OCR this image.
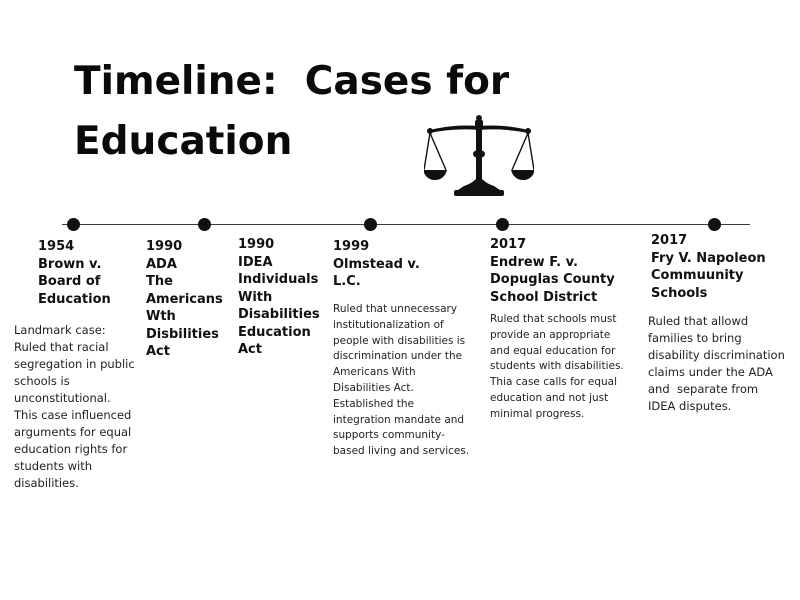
Timeline:  Cases for
Education

1954
Brown v.
Board of
Education

Landmark case:
Ruled that racial
segregation in public
schools is
unconstitutional.
This case influenced
arguments for equal
education rights for
students with
disabilities.

1990
ADA
The
Americans
Wth
Disbilities
Act

1990
IDEA
Individuals
With
Disabilities
Education
Act

1999
Olmstead v.
L.C.

Ruled that unnecessary
institutionalization of
people with disabilities is
discrimination under the
Americans With
Disabilities Act.
Established the
integration mandate and
supports community-
based living and services.

2017
Endrew F. v.
Dopuglas County
School District

Ruled that schools must
provide an appropriate
and equal education for
students with disabilities.
Thia case calls for equal
education and not just
minimal progress.

2017
Fry V. Napoleon
Commuunity
Schools

Ruled that allowd
families to bring
disability discrimination
claims under the ADA
and  separate from
IDEA disputes.
